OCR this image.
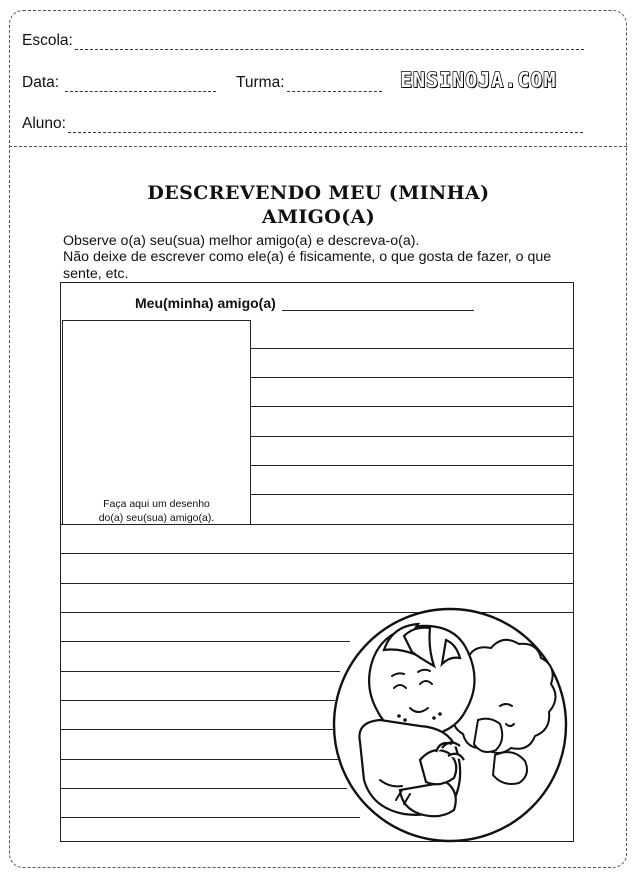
Escola:
Data:	Turma:	ENSINOJA.COM
Aluno:
DESCREVENDO MEU (MINHA)
AMIGO(A)
Observe o(a) seu(sua) melhor amigo(a) e descreva-o(a).
Não deixe de escrever como ele(a) é fisicamente, o que gosta de fazer, o que sente, etc.
Meu(minha) amigo(a)
Faça aqui um desenho
do(a) seu(sua) amigo(a).
